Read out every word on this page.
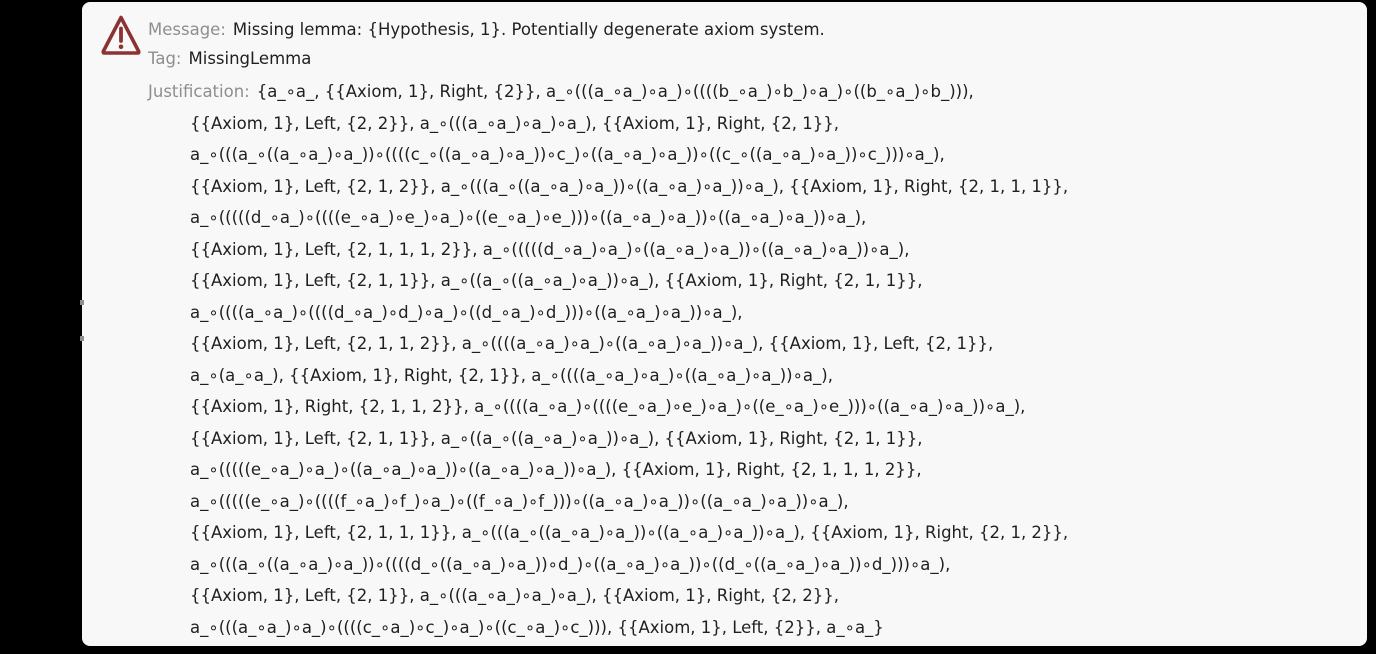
Message: Missing lemma: {Hypothesis, 1}. Potentially degenerate axiom system.
Tag: MissingLemma
Justification: {a_∘a_, {{Axiom, 1}, Right, {2}}, a_∘(((a_∘a_)∘a_)∘((((b_∘a_)∘b_)∘a_)∘((b_∘a_)∘b_))),
{{Axiom, 1}, Left, {2, 2}}, a_∘(((a_∘a_)∘a_)∘a_), {{Axiom, 1}, Right, {2, 1}},
a_∘(((a_∘((a_∘a_)∘a_))∘((((c_∘((a_∘a_)∘a_))∘c_)∘((a_∘a_)∘a_))∘((c_∘((a_∘a_)∘a_))∘c_)))∘a_),
{{Axiom, 1}, Left, {2, 1, 2}}, a_∘(((a_∘((a_∘a_)∘a_))∘((a_∘a_)∘a_))∘a_), {{Axiom, 1}, Right, {2, 1, 1, 1}},
a_∘(((((d_∘a_)∘((((e_∘a_)∘e_)∘a_)∘((e_∘a_)∘e_)))∘((a_∘a_)∘a_))∘((a_∘a_)∘a_))∘a_),
{{Axiom, 1}, Left, {2, 1, 1, 1, 2}}, a_∘(((((d_∘a_)∘a_)∘((a_∘a_)∘a_))∘((a_∘a_)∘a_))∘a_),
{{Axiom, 1}, Left, {2, 1, 1}}, a_∘((a_∘((a_∘a_)∘a_))∘a_), {{Axiom, 1}, Right, {2, 1, 1}},
a_∘((((a_∘a_)∘((((d_∘a_)∘d_)∘a_)∘((d_∘a_)∘d_)))∘((a_∘a_)∘a_))∘a_),
{{Axiom, 1}, Left, {2, 1, 1, 2}}, a_∘((((a_∘a_)∘a_)∘((a_∘a_)∘a_))∘a_), {{Axiom, 1}, Left, {2, 1}},
a_∘(a_∘a_), {{Axiom, 1}, Right, {2, 1}}, a_∘((((a_∘a_)∘a_)∘((a_∘a_)∘a_))∘a_),
{{Axiom, 1}, Right, {2, 1, 1, 2}}, a_∘((((a_∘a_)∘((((e_∘a_)∘e_)∘a_)∘((e_∘a_)∘e_)))∘((a_∘a_)∘a_))∘a_),
{{Axiom, 1}, Left, {2, 1, 1}}, a_∘((a_∘((a_∘a_)∘a_))∘a_), {{Axiom, 1}, Right, {2, 1, 1}},
a_∘(((((e_∘a_)∘a_)∘((a_∘a_)∘a_))∘((a_∘a_)∘a_))∘a_), {{Axiom, 1}, Right, {2, 1, 1, 1, 2}},
a_∘(((((e_∘a_)∘((((f_∘a_)∘f_)∘a_)∘((f_∘a_)∘f_)))∘((a_∘a_)∘a_))∘((a_∘a_)∘a_))∘a_),
{{Axiom, 1}, Left, {2, 1, 1, 1}}, a_∘(((a_∘((a_∘a_)∘a_))∘((a_∘a_)∘a_))∘a_), {{Axiom, 1}, Right, {2, 1, 2}},
a_∘(((a_∘((a_∘a_)∘a_))∘((((d_∘((a_∘a_)∘a_))∘d_)∘((a_∘a_)∘a_))∘((d_∘((a_∘a_)∘a_))∘d_)))∘a_),
{{Axiom, 1}, Left, {2, 1}}, a_∘(((a_∘a_)∘a_)∘a_), {{Axiom, 1}, Right, {2, 2}},
a_∘(((a_∘a_)∘a_)∘((((c_∘a_)∘c_)∘a_)∘((c_∘a_)∘c_))), {{Axiom, 1}, Left, {2}}, a_∘a_}
